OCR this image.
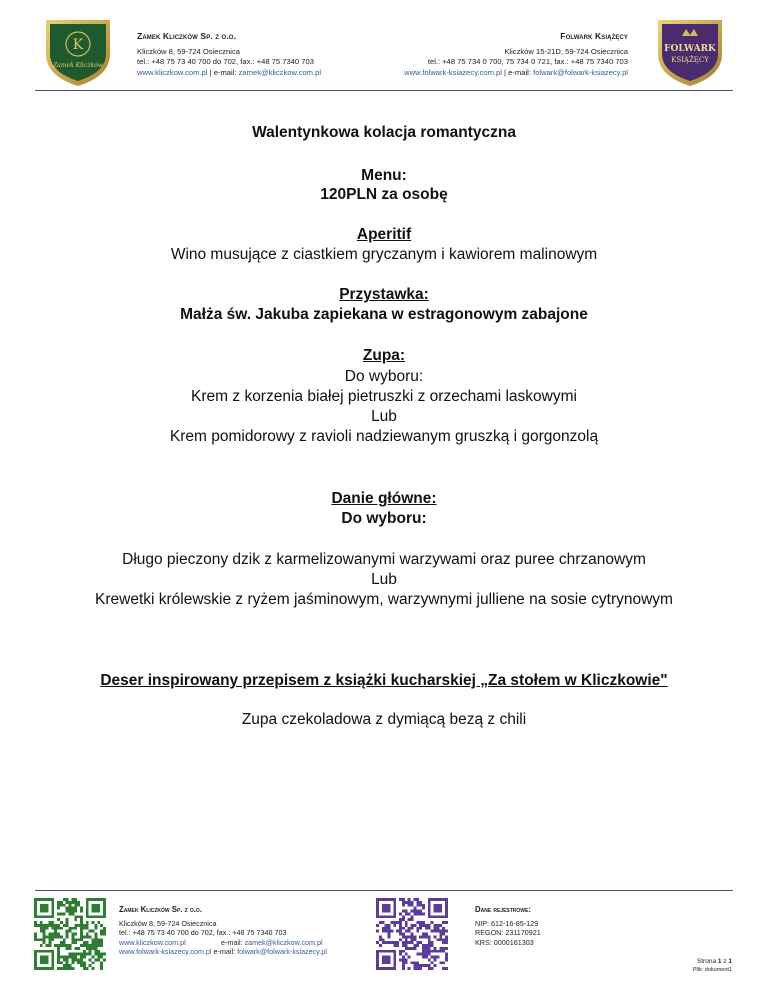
K
Zamek Kliczków
Zamek Kliczków Sp. z o.o.
Kliczków 8, 59-724 Osiecznica
tel.: +48 75 73 40 700 do 702, fax.: +48 75 7340 703
www.kliczkow.com.pl | e-mail: zamek@kliczkow.com.pl
Folwark Książęcy
Kliczków 15-21D, 59-724 Osiecznica
tel.: +48 75 734 0 700, 75 734 0 721, fax.: +48 75 7340 703
www.folwark-ksiazecy.com.pl | e-mail: folwark@folwark-ksiazecy.pl
FOLWARK
KSIĄŻĘCY
Walentynkowa kolacja romantyczna
Menu:
120PLN za osobę
Aperitif
Wino musujące z ciastkiem gryczanym i kawiorem malinowym
Przystawka:
Małża św. Jakuba zapiekana w estragonowym zabajone
Zupa:
Do wyboru:
Krem z korzenia białej pietruszki z orzechami laskowymi
Lub
Krem pomidorowy z ravioli nadziewanym gruszką i gorgonzolą
Danie główne:
Do wyboru:
Długo pieczony dzik z karmelizowanymi warzywami oraz puree chrzanowym
Lub
Krewetki królewskie z ryżem jaśminowym, warzywnymi julliene na sosie cytrynowym
Deser inspirowany przepisem z książki kucharskiej „Za stołem w Kliczkowie"
Zupa czekoladowa z dymiącą bezą z chili
Zamek Kliczków Sp. z o.o.
Kliczków 8, 59-724 Osiecznica
tel.: +48 75 73 40 700 do 702, fax.: +48 75 7340 703
www.kliczkow.com.pl	e-mail: zamek@kliczkow.com.pl
www.folwark-ksiazecy.com.pl e-mail: folwark@folwark-ksiazecy.pl
Dane rejestrowe:
NIP: 612-16-85-129
REGON: 231170921
KRS: 0000161303
Strona 1 z 1
Plik: dokument1
